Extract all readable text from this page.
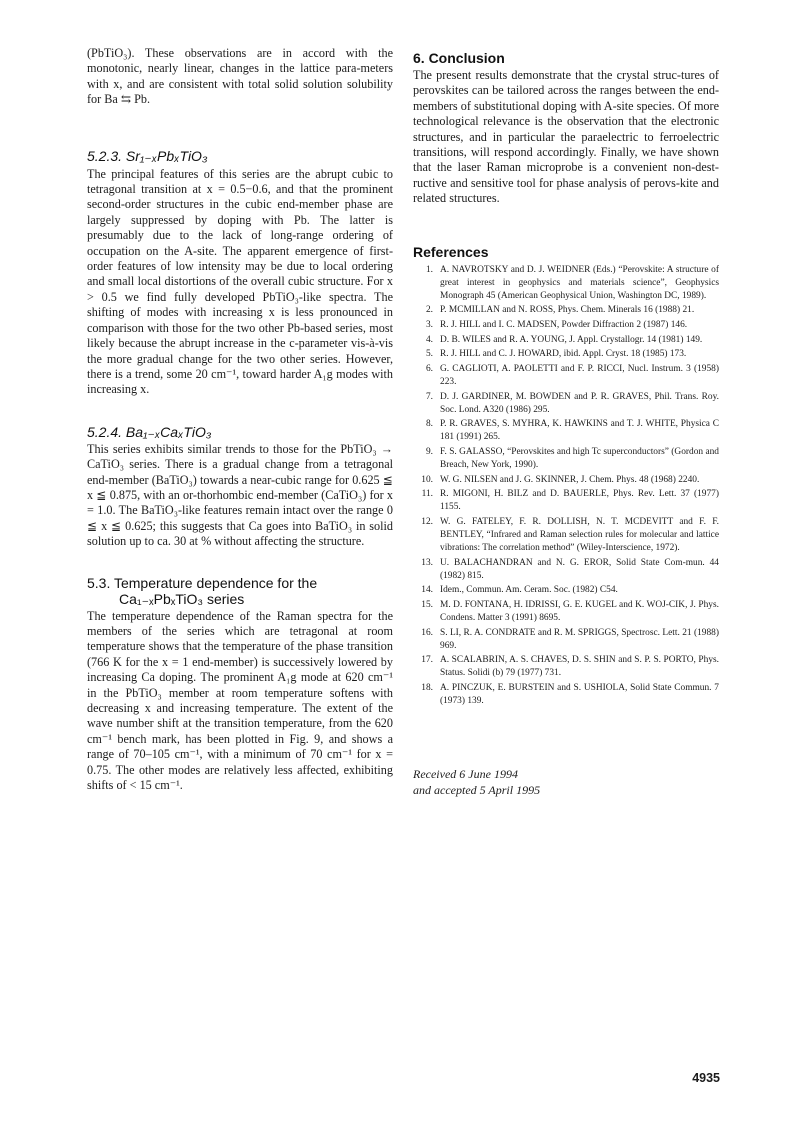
(PbTiO₃). These observations are in accord with the monotonic, nearly linear, changes in the lattice para-meters with x, and are consistent with total solid solution solubility for Ba ⇆ Pb.

5.2.3. Sr₁₋ₓPbₓTiO₃

The principal features of this series are the abrupt cubic to tetragonal transition at x = 0.5−0.6, and that the prominent second-order structures in the cubic end-member phase are largely suppressed by doping with Pb. The latter is presumably due to the lack of long-range ordering of occupation on the A-site. The apparent emergence of first-order features of low intensity may be due to local ordering and small local distortions of the overall cubic structure. For x > 0.5 we find fully developed PbTiO₃-like spectra. The shifting of modes with increasing x is less pronounced in comparison with those for the two other Pb-based series, most likely because the abrupt increase in the c-parameter vis-à-vis the more gradual change for the two other series. However, there is a trend, some 20 cm⁻¹, toward harder A₁g modes with increasing x.

5.2.4. Ba₁₋ₓCaₓTiO₃

This series exhibits similar trends to those for the PbTiO₃ → CaTiO₃ series. There is a gradual change from a tetragonal end-member (BaTiO₃) towards a near-cubic range for 0.625 ≦ x ≦ 0.875, with an or-thorhombic end-member (CaTiO₃) for x = 1.0. The BaTiO₃-like features remain intact over the range 0 ≦ x ≦ 0.625; this suggests that Ca goes into BaTiO₃ in solid solution up to ca. 30 at % without affecting the structure.

5.3. Temperature dependence for the
Ca₁₋ₓPbₓTiO₃ series

The temperature dependence of the Raman spectra for the members of the series which are tetragonal at room temperature shows that the temperature of the phase transition (766 K for the x = 1 end-member) is successively lowered by increasing Ca doping. The prominent A₁g mode at 620 cm⁻¹ in the PbTiO₃ member at room temperature softens with decreasing x and increasing temperature. The extent of the wave number shift at the transition temperature, from the 620 cm⁻¹ bench mark, has been plotted in Fig. 9, and shows a range of 70–105 cm⁻¹, with a minimum of 70 cm⁻¹ for x = 0.75. The other modes are relatively less affected, exhibiting shifts of < 15 cm⁻¹.

6. Conclusion

The present results demonstrate that the crystal struc-tures of perovskites can be tailored across the ranges between the end-members of substitutional doping with A-site species. Of more technological relevance is the observation that the electronic structures, and in particular the paraelectric to ferroelectric transitions, will respond accordingly. Finally, we have shown that the laser Raman microprobe is a convenient non-dest-ructive and sensitive tool for phase analysis of perovs-kite and related structures.

References
1. A. NAVROTSKY and D. J. WEIDNER (Eds.) “Perovskite: A structure of great interest in geophysics and materials science”, Geophysics Monograph 45 (American Geophysical Union, Washington DC, 1989).
2. P. MCMILLAN and N. ROSS, Phys. Chem. Minerals 16 (1988) 21.
3. R. J. HILL and I. C. MADSEN, Powder Diffraction 2 (1987) 146.
4. D. B. WILES and R. A. YOUNG, J. Appl. Crystallogr. 14 (1981) 149.
5. R. J. HILL and C. J. HOWARD, ibid. Appl. Cryst. 18 (1985) 173.
6. G. CAGLIOTI, A. PAOLETTI and F. P. RICCI, Nucl. Instrum. 3 (1958) 223.
7. D. J. GARDINER, M. BOWDEN and P. R. GRAVES, Phil. Trans. Roy. Soc. Lond. A320 (1986) 295.
8. P. R. GRAVES, S. MYHRA, K. HAWKINS and T. J. WHITE, Physica C 181 (1991) 265.
9. F. S. GALASSO, “Perovskites and high Tc superconductors” (Gordon and Breach, New York, 1990).
10. W. G. NILSEN and J. G. SKINNER, J. Chem. Phys. 48 (1968) 2240.
11. R. MIGONI, H. BILZ and D. BAUERLE, Phys. Rev. Lett. 37 (1977) 1155.
12. W. G. FATELEY, F. R. DOLLISH, N. T. MCDEVITT and F. F. BENTLEY, “Infrared and Raman selection rules for molecular and lattice vibrations: The correlation method” (Wiley-Interscience, 1972).
13. U. BALACHANDRAN and N. G. EROR, Solid State Com-mun. 44 (1982) 815.
14. Idem., Commun. Am. Ceram. Soc. (1982) C54.
15. M. D. FONTANA, H. IDRISSI, G. E. KUGEL and K. WOJ-CIK, J. Phys. Condens. Matter 3 (1991) 8695.
16. S. LI, R. A. CONDRATE and R. M. SPRIGGS, Spectrosc. Lett. 21 (1988) 969.
17. A. SCALABRIN, A. S. CHAVES, D. S. SHIN and S. P. S. PORTO, Phys. Status. Solidi (b) 79 (1977) 731.
18. A. PINCZUK, E. BURSTEIN and S. USHIOLA, Solid State Commun. 7 (1973) 139.

Received 6 June 1994

and accepted 5 April 1995

4935
